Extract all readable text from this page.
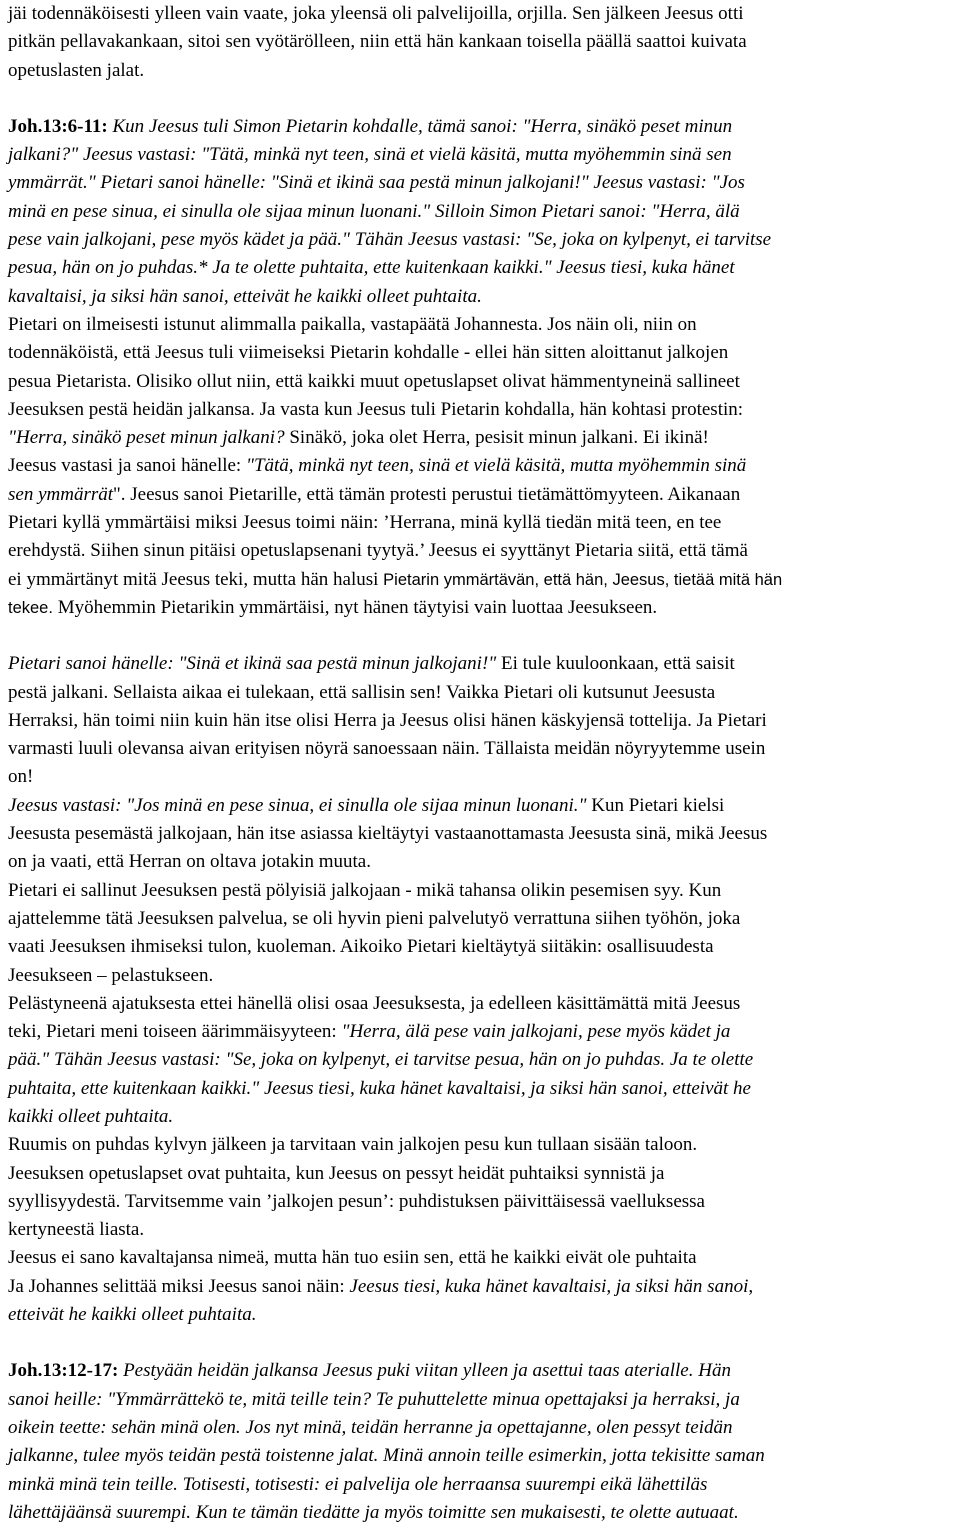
jäi todennäköisesti ylleen vain vaate, joka yleensä oli palvelijoilla, orjilla. Sen jälkeen Jeesus otti
pitkän pellavakankaan, sitoi sen vyötärölleen, niin että hän kankaan toisella päällä saattoi kuivata
opetuslasten jalat.

Joh.13:6-11: Kun Jeesus tuli Simon Pietarin kohdalle, tämä sanoi: "Herra, sinäkö peset minun
jalkani?" Jeesus vastasi: "Tätä, minkä nyt teen, sinä et vielä käsitä, mutta myöhemmin sinä sen
ymmärrät." Pietari sanoi hänelle: "Sinä et ikinä saa pestä minun jalkojani!" Jeesus vastasi: "Jos
minä en pese sinua, ei sinulla ole sijaa minun luonani." Silloin Simon Pietari sanoi: "Herra, älä
pese vain jalkojani, pese myös kädet ja pää." Tähän Jeesus vastasi: "Se, joka on kylpenyt, ei tarvitse
pesua, hän on jo puhdas.* Ja te olette puhtaita, ette kuitenkaan kaikki." Jeesus tiesi, kuka hänet
kavaltaisi, ja siksi hän sanoi, etteivät he kaikki olleet puhtaita.

Pietari on ilmeisesti istunut alimmalla paikalla, vastapäätä Johannesta. Jos näin oli, niin on
todennäköistä, että Jeesus tuli viimeiseksi Pietarin kohdalle - ellei hän sitten aloittanut jalkojen
pesua Pietarista. Olisiko ollut niin, että kaikki muut opetuslapset olivat hämmentyneinä sallineet
Jeesuksen pestä heidän jalkansa. Ja vasta kun Jeesus tuli Pietarin kohdalla, hän kohtasi protestin:
"Herra, sinäkö peset minun jalkani? Sinäkö, joka olet Herra, pesisit minun jalkani. Ei ikinä!
Jeesus vastasi ja sanoi hänelle: "Tätä, minkä nyt teen, sinä et vielä käsitä, mutta myöhemmin sinä
sen ymmärrät". Jeesus sanoi Pietarille, että tämän protesti perustui tietämättömyyteen. Aikanaan
Pietari kyllä ymmärtäisi miksi Jeesus toimi näin: ’Herrana, minä kyllä tiedän mitä teen, en tee
erehdystä. Siihen sinun pitäisi opetuslapsenani tyytyä.’ Jeesus ei syyttänyt Pietaria siitä, että tämä
ei ymmärtänyt mitä Jeesus teki, mutta hän halusi Pietarin ymmärtävän, että hän, Jeesus, tietää mitä hän
tekee. Myöhemmin Pietarikin ymmärtäisi, nyt hänen täytyisi vain luottaa Jeesukseen.

Pietari sanoi hänelle: "Sinä et ikinä saa pestä minun jalkojani!" Ei tule kuuloonkaan, että saisit
pestä jalkani. Sellaista aikaa ei tulekaan, että sallisin sen! Vaikka Pietari oli kutsunut Jeesusta
Herraksi, hän toimi niin kuin hän itse olisi Herra ja Jeesus olisi hänen käskyjensä tottelija. Ja Pietari
varmasti luuli olevansa aivan erityisen nöyrä sanoessaan näin. Tällaista meidän nöyryytemme usein
on!

Jeesus vastasi: "Jos minä en pese sinua, ei sinulla ole sijaa minun luonani." Kun Pietari kielsi
Jeesusta pesemästä jalkojaan, hän itse asiassa kieltäytyi vastaanottamasta Jeesusta sinä, mikä Jeesus
on ja vaati, että Herran on oltava jotakin muuta.

Pietari ei sallinut Jeesuksen pestä pölyisiä jalkojaan - mikä tahansa olikin pesemisen syy. Kun
ajattelemme tätä Jeesuksen palvelua, se oli hyvin pieni palvelutyö verrattuna siihen työhön, joka
vaati Jeesuksen ihmiseksi tulon, kuoleman. Aikoiko Pietari kieltäytyä siitäkin: osallisuudesta
Jeesukseen – pelastukseen.

Pelästyneenä ajatuksesta ettei hänellä olisi osaa Jeesuksesta, ja edelleen käsittämättä mitä Jeesus
teki, Pietari meni toiseen äärimmäisyyteen: "Herra, älä pese vain jalkojani, pese myös kädet ja
pää." Tähän Jeesus vastasi: "Se, joka on kylpenyt, ei tarvitse pesua, hän on jo puhdas. Ja te olette
puhtaita, ette kuitenkaan kaikki." Jeesus tiesi, kuka hänet kavaltaisi, ja siksi hän sanoi, etteivät he
kaikki olleet puhtaita.

Ruumis on puhdas kylvyn jälkeen ja tarvitaan vain jalkojen pesu kun tullaan sisään taloon.
Jeesuksen opetuslapset ovat puhtaita, kun Jeesus on pessyt heidät puhtaiksi synnistä ja
syyllisyydestä. Tarvitsemme vain ’jalkojen pesun’: puhdistuksen päivittäisessä vaelluksessa
kertyneestä liasta.

Jeesus ei sano kavaltajansa nimeä, mutta hän tuo esiin sen, että he kaikki eivät ole puhtaita
Ja Johannes selittää miksi Jeesus sanoi näin: Jeesus tiesi, kuka hänet kavaltaisi, ja siksi hän sanoi,
etteivät he kaikki olleet puhtaita.

Joh.13:12-17: Pestyään heidän jalkansa Jeesus puki viitan ylleen ja asettui taas aterialle. Hän
sanoi heille: "Ymmärrättekö te, mitä teille tein? Te puhuttelette minua opettajaksi ja herraksi, ja
oikein teette: sehän minä olen. Jos nyt minä, teidän herranne ja opettajanne, olen pessyt teidän
jalkanne, tulee myös teidän pestä toistenne jalat. Minä annoin teille esimerkin, jotta tekisitte saman
minkä minä tein teille. Totisesti, totisesti: ei palvelija ole herraansa suurempi eikä lähettiläs
lähettäjäänsä suurempi. Kun te tämän tiedätte ja myös toimitte sen mukaisesti, te olette autuaat.
